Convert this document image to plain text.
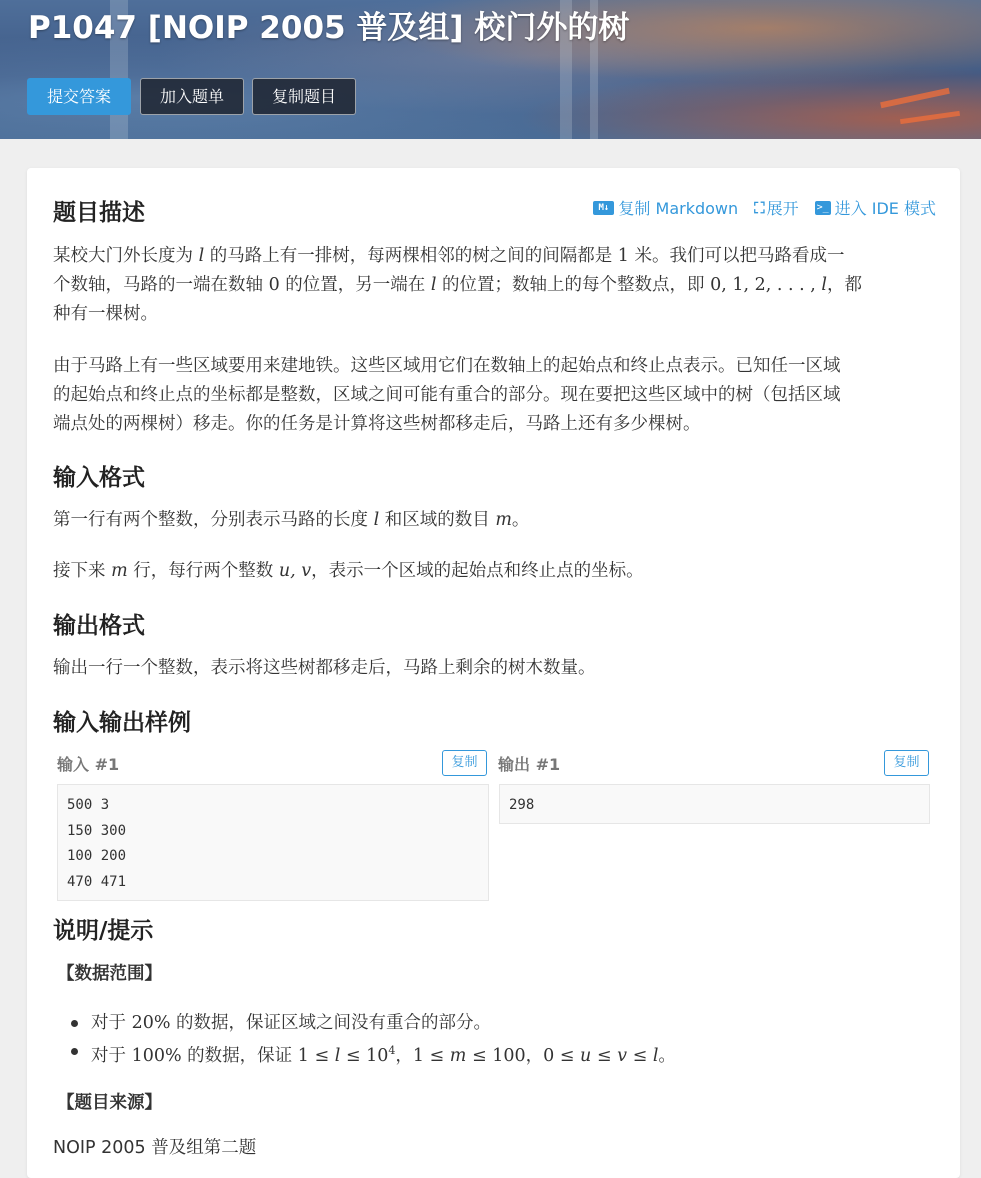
P1047 [NOIP 2005 普及组] 校门外的树
提交答案	加入题单	复制题目
题目描述	M↓ 复制 Markdown ⛶ 展开 >_ 进入 IDE 模式

某校大门外长度为 l 的马路上有一排树，每两棵相邻的树之间的间隔都是 1 米。我们可以把马路看成一
个数轴，马路的一端在数轴 0 的位置，另一端在 l 的位置；数轴上的每个整数点，即 0, 1, 2, . . . , l，都
种有一棵树。

由于马路上有一些区域要用来建地铁。这些区域用它们在数轴上的起始点和终止点表示。已知任一区域
的起始点和终止点的坐标都是整数，区域之间可能有重合的部分。现在要把这些区域中的树（包括区域
端点处的两棵树）移走。你的任务是计算将这些树都移走后，马路上还有多少棵树。

输入格式

第一行有两个整数，分别表示马路的长度 l 和区域的数目 m。

接下来 m 行，每行两个整数 u, v，表示一个区域的起始点和终止点的坐标。

输出格式

输出一行一个整数，表示将这些树都移走后，马路上剩余的树木数量。

输入输出样例

输入 #1	复制
500 3
150 300
100 200
470 471

输出 #1	复制
298
说明/提示

【数据范围】

对于 20% 的数据，保证区域之间没有重合的部分。
对于 100% 的数据，保证 $1 \le l \le 10^4$，1 ≤ m ≤ 100，0 ≤ u ≤ v ≤ l。

【题目来源】

NOIP 2005 普及组第二题
